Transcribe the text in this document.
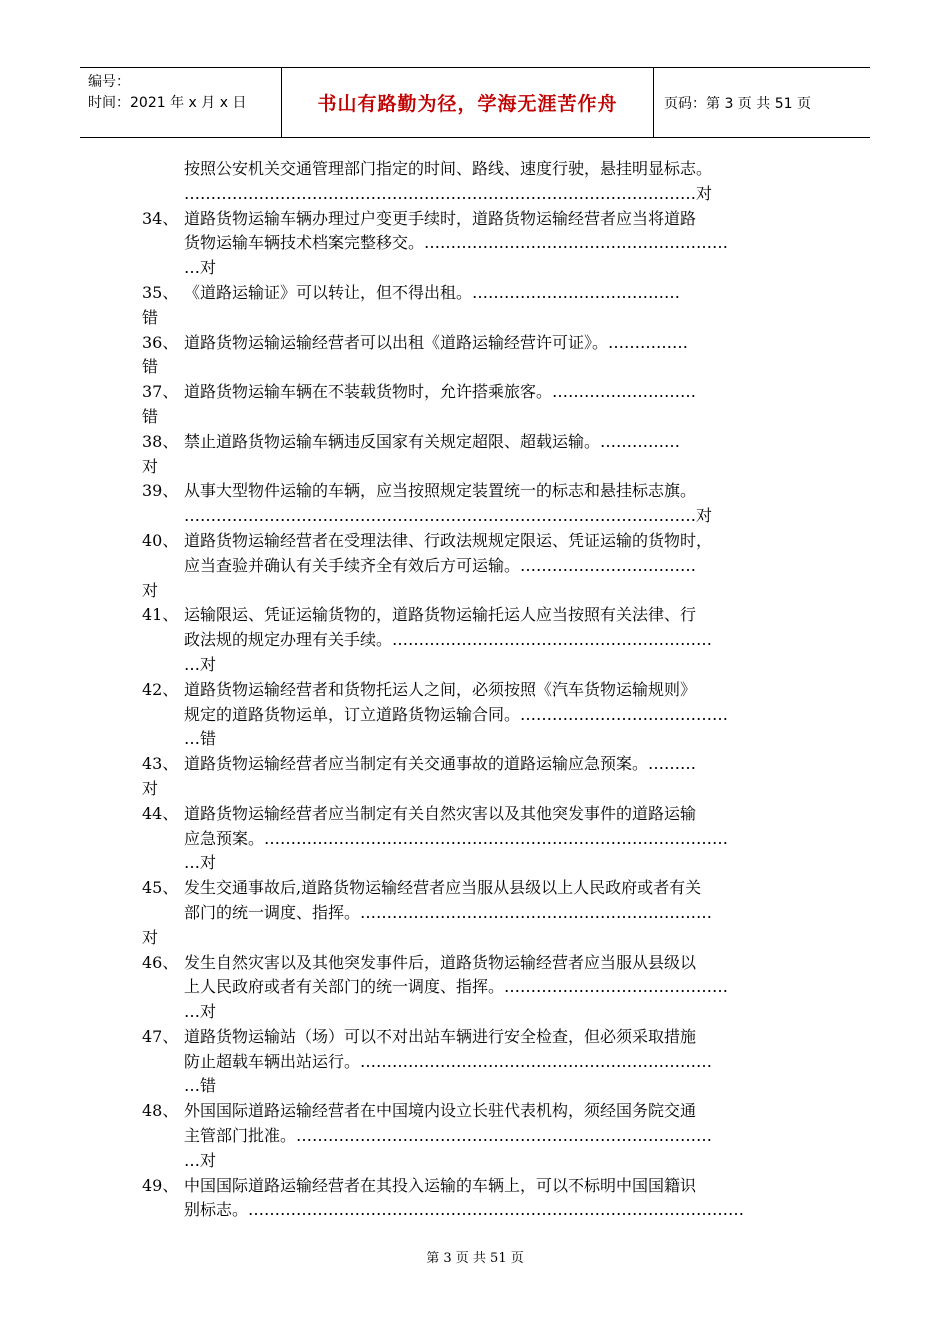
编号：
时间：2021 年 x 月 x 日	书山有路勤为径，学海无涯苦作舟	页码：第 3 页 共 51 页
按照公安机关交通管理部门指定的时间、路线、速度行驶，悬挂明显标志。
……………………………………………………………………………………对
34、 道路货物运输车辆办理过户变更手续时，道路货物运输经营者应当将道路
货物运输车辆技术档案完整移交。…………………………………………………
…对
35、 《道路运输证》可以转让，但不得出租。…………………………………
错
36、 道路货物运输运输经营者可以出租《道路运输经营许可证》。……………
错
37、 道路货物运输车辆在不装载货物时，允许搭乘旅客。………………………
错
38、 禁止道路货物运输车辆违反国家有关规定超限、超载运输。……………
对
39、 从事大型物件运输的车辆，应当按照规定装置统一的标志和悬挂标志旗。
……………………………………………………………………………………对
40、 道路货物运输经营者在受理法律、行政法规规定限运、凭证运输的货物时，
应当查验并确认有关手续齐全有效后方可运输。……………………………
对
41、 运输限运、凭证运输货物的，道路货物运输托运人应当按照有关法律、行
政法规的规定办理有关手续。……………………………………………………
…对
42、 道路货物运输经营者和货物托运人之间，必须按照《汽车货物运输规则》
规定的道路货物运单，订立道路货物运输合同。…………………………………
…错
43、 道路货物运输经营者应当制定有关交通事故的道路运输应急预案。………
对
44、 道路货物运输经营者应当制定有关自然灾害以及其他突发事件的道路运输
应急预案。……………………………………………………………………………
…对
45、 发生交通事故后,道路货物运输经营者应当服从县级以上人民政府或者有关
部门的统一调度、指挥。…………………………………………………………
对
46、 发生自然灾害以及其他突发事件后，道路货物运输经营者应当服从县级以
上人民政府或者有关部门的统一调度、指挥。……………………………………
…对
47、 道路货物运输站（场）可以不对出站车辆进行安全检查，但必须采取措施
防止超载车辆出站运行。…………………………………………………………
…错
48、 外国国际道路运输经营者在中国境内设立长驻代表机构，须经国务院交通
主管部门批准。……………………………………………………………………
…对
49、 中国国际道路运输经营者在其投入运输的车辆上，可以不标明中国国籍识
别标志。…………………………………………………………………………………
第 3 页 共 51 页
